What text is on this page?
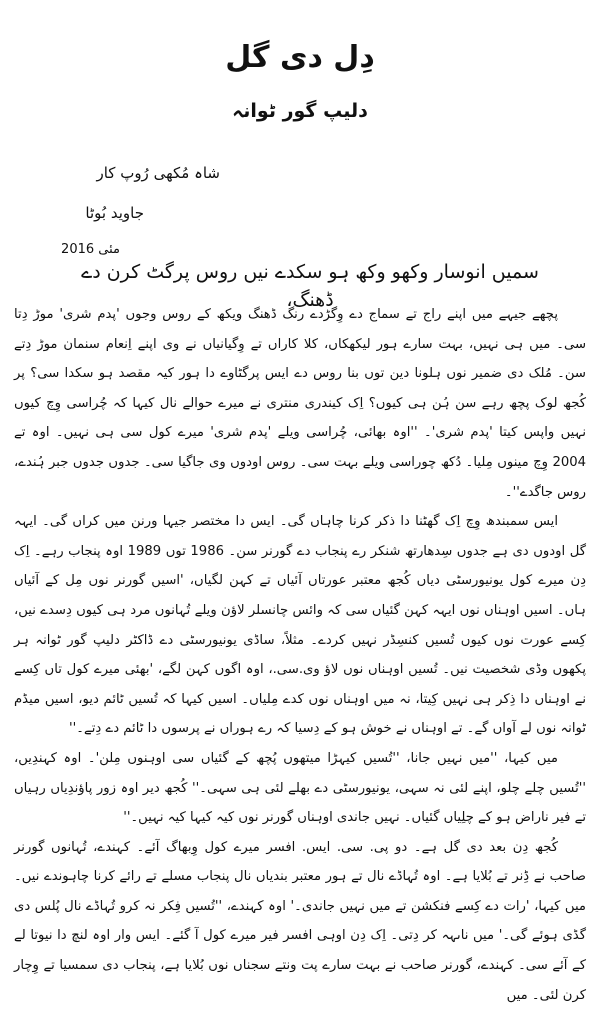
دِل دی گل
دلیپ گور ٹوانہ
شاہ مُکھی رُوپ کار
جاوید بُوٹا
مئی 2016
سمیں انوسار وکھو وکھ ہو سکدے نیں روس پرگٹ کرن دے ڈھنگ،

پچھے جیہے میں اپنے راج تے سماج دے وِگڑدے رنگ ڈھنگ ویکھ کے روس وجوں 'پدم شری' موڑ دِتا سی۔ میں ہی نہیں، بہت سارے ہور لیکھکاں، کلا کاراں تے وِگیانیاں نے وی اپنے اِنعام سنمان موڑ دِتے سن۔ مُلک دی ضمیر نوں ہلونا دین توں بنا روس دے ایس پرگٹاوے دا ہور کیہ مقصد ہو سکدا سی؟ پر کُجھ لوک پچھ رہے سن ہُن ہی کیوں؟ اِک کیندری منتری نے میرے حوالے نال کیہا کہ چُراسی وِچ کیوں نہیں واپس کیتا 'پدم شری'۔ ''اوہ بھائی، چُراسی ویلے 'پدم شری' میرے کول سی ہی نہیں۔ اوہ تے 2004 وِچ مینوں مِلیا۔ دُکھ چوراسی ویلے بہت سی۔ روس اودوں وی جاگیا سی۔ جدوں جدوں جبر ہُندے، روس جاگدے''۔

ایس سمبندھ وِچ اِک گھٹنا دا ذکر کرنا چاہاں گی۔ ایس دا مختصر جیہا ورنن میں کراں گی۔ ایہہ گل اودوں دی ہے جدوں سِدھارتھ شنکر رے پنجاب دے گورنر سن۔ 1986 توں 1989 اوہ پنجاب رہے۔ اِک دِن میرے کول یونیورسٹی دیاں کُجھ معتبر عورتاں آئیاں تے کہن لگیاں، 'اسیں گورنر نوں مِل کے آئیاں ہاں۔ اسیں اوہناں نوں ایہہ کہن گئیاں سی کہ وائس چانسلر لاؤن ویلے تُہانوں مرد ہی کیوں دِسدے نیں، کِسے عورت نوں کیوں تُسیں کنسِڈر نہیں کردے۔ مثلاً، ساڈی یونیورسٹی دے ڈاکٹر دلیپ گور ٹوانہ ہر پکھوں وڈی شخصیت نیں۔ تُسیں اوہناں نوں لاؤ وی.سی.، اوہ اگوں کہن لگے، 'بھئی میرے کول تاں کِسے نے اوہناں دا ذِکر ہی نہیں کِیتا، نہ میں اوہناں نوں کدے مِلیاں۔ اسیں کیہا کہ تُسیں ٹائم دیو، اسیں میڈم ٹوانہ نوں لے آواں گے۔ تے اوہناں نے خوش ہو کے دِسیا کہ رے ہوراں نے پرسوں دا ٹائم دے دِتے۔''

میں کیہا، ''میں نہیں جانا، ''تُسیں کیہڑا میتھوں پُچھ کے گئیاں سی اوہنوں مِلن'۔ اوہ کہندِیں، ''تُسیں چلے چلو، اپنے لئی نہ سہی، یونیورسٹی دے بھلے لئی ہی سہی۔'' کُجھ دیر اوہ زور پاؤندِیاں رہیاں تے فیر ناراض ہو کے چلِیاں گئیاں۔ نہیں جاندی اوہناں گورنر نوں کیہ کیہا کیہ نہیں۔''

کُجھ دِن بعد دی گل ہے۔ دو پی. سی. ایس. افسر میرے کول وِبھاگ آئے۔ کہندے، تُہانوں گورنر صاحب نے ڈِنر تے بُلایا ہے۔ اوہ تُہاڈے نال تے ہور معتبر بندیاں نال پنجاب مسلے تے رائے کرنا چاہوندے نیں۔ میں کیہا، 'رات دے کِسے فنکشن تے میں نہیں جاندی۔' اوہ کہندے، ''تُسیں فِکر نہ کرو تُہاڈے نال پُلس دی گڈی ہوئے گی۔' میں ناںہہ کر دِتی۔ اِک دِن اوہی افسر فیر میرے کول آ گئے۔ ایس وار اوہ لنچ دا نیوتا لے کے آئے سی۔ کہندے، گورنر صاحب نے بہت سارے پت ونتے سجناں نوں بُلایا ہے، پنجاب دی سمسیا تے وِچار کرن لئی۔ میں
